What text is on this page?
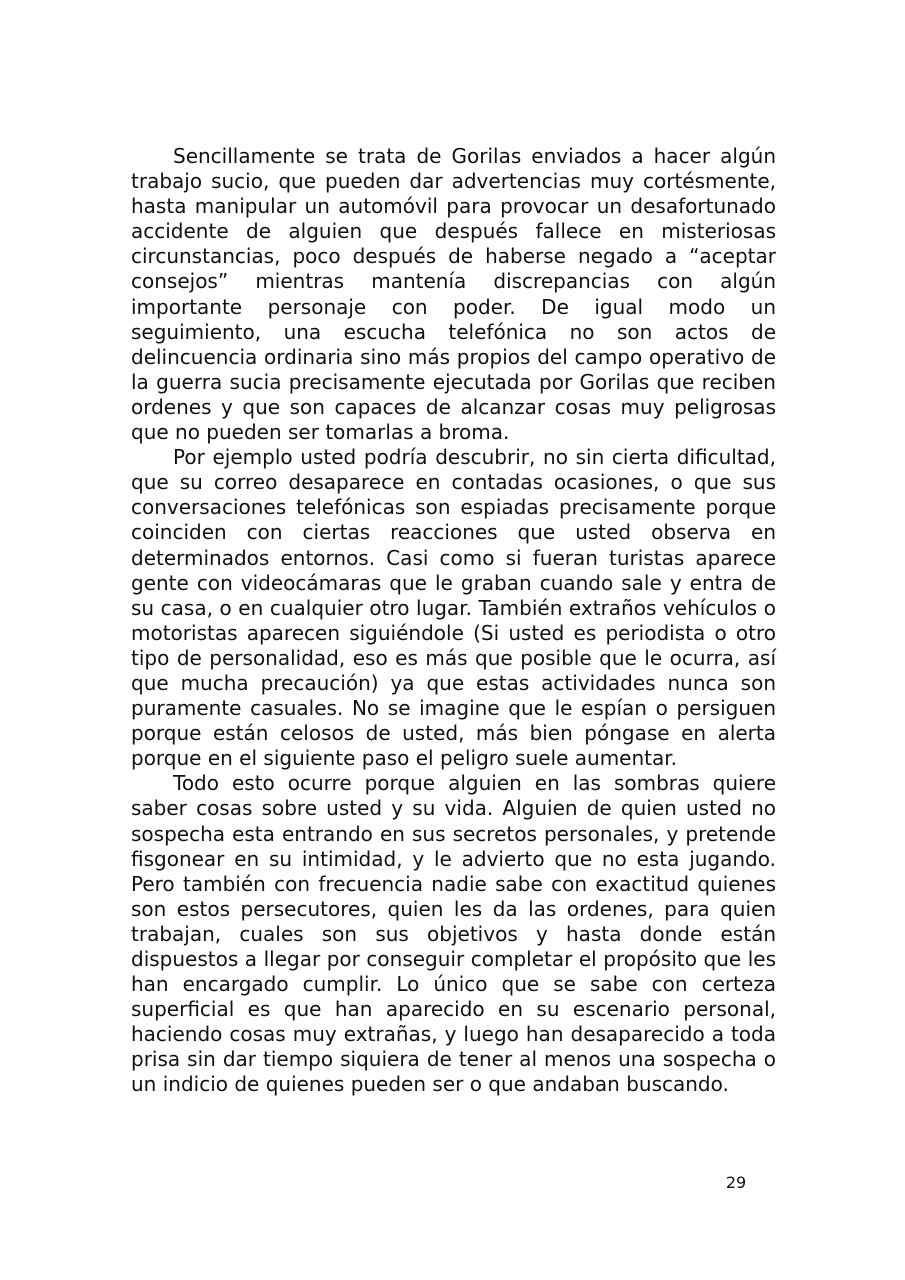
Sencillamente se trata de Gorilas enviados a hacer algún trabajo sucio, que pueden dar advertencias muy cortésmente, hasta manipular un automóvil para provocar un desafortunado accidente de alguien que después fallece en misteriosas circunstancias, poco después de haberse negado a “aceptar consejos” mientras mantenía discrepancias con algún importante personaje con poder. De igual modo un seguimiento, una escucha telefónica no son actos de delincuencia ordinaria sino más propios del campo operativo de la guerra sucia precisamente ejecutada por Gorilas que reciben ordenes y que son capaces de alcanzar cosas muy peligrosas que no pueden ser tomarlas a broma.

Por ejemplo usted podría descubrir, no sin cierta dificultad, que su correo desaparece en contadas ocasiones, o que sus conversaciones telefónicas son espiadas precisamente porque coinciden con ciertas reacciones que usted observa en determinados entornos. Casi como si fueran turistas aparece gente con videocámaras que le graban cuando sale y entra de su casa, o en cualquier otro lugar. También extraños vehículos o motoristas aparecen siguiéndole (Si usted es periodista o otro tipo de personalidad, eso es más que posible que le ocurra, así que mucha precaución) ya que estas actividades nunca son puramente casuales. No se imagine que le espían o persiguen porque están celosos de usted, más bien póngase en alerta porque en el siguiente paso el peligro suele aumentar.

Todo esto ocurre porque alguien en las sombras quiere saber cosas sobre usted y su vida. Alguien de quien usted no sospecha esta entrando en sus secretos personales, y pretende fisgonear en su intimidad, y le advierto que no esta jugando. Pero también con frecuencia nadie sabe con exactitud quienes son estos persecutores, quien les da las ordenes, para quien trabajan, cuales son sus objetivos y hasta donde están dispuestos a llegar por conseguir completar el propósito que les han encargado cumplir. Lo único que se sabe con certeza superficial es que han aparecido en su escenario personal, haciendo cosas muy extrañas, y luego han desaparecido a toda prisa sin dar tiempo siquiera de tener al menos una sospecha o un indicio de quienes pueden ser o que andaban buscando.

29
